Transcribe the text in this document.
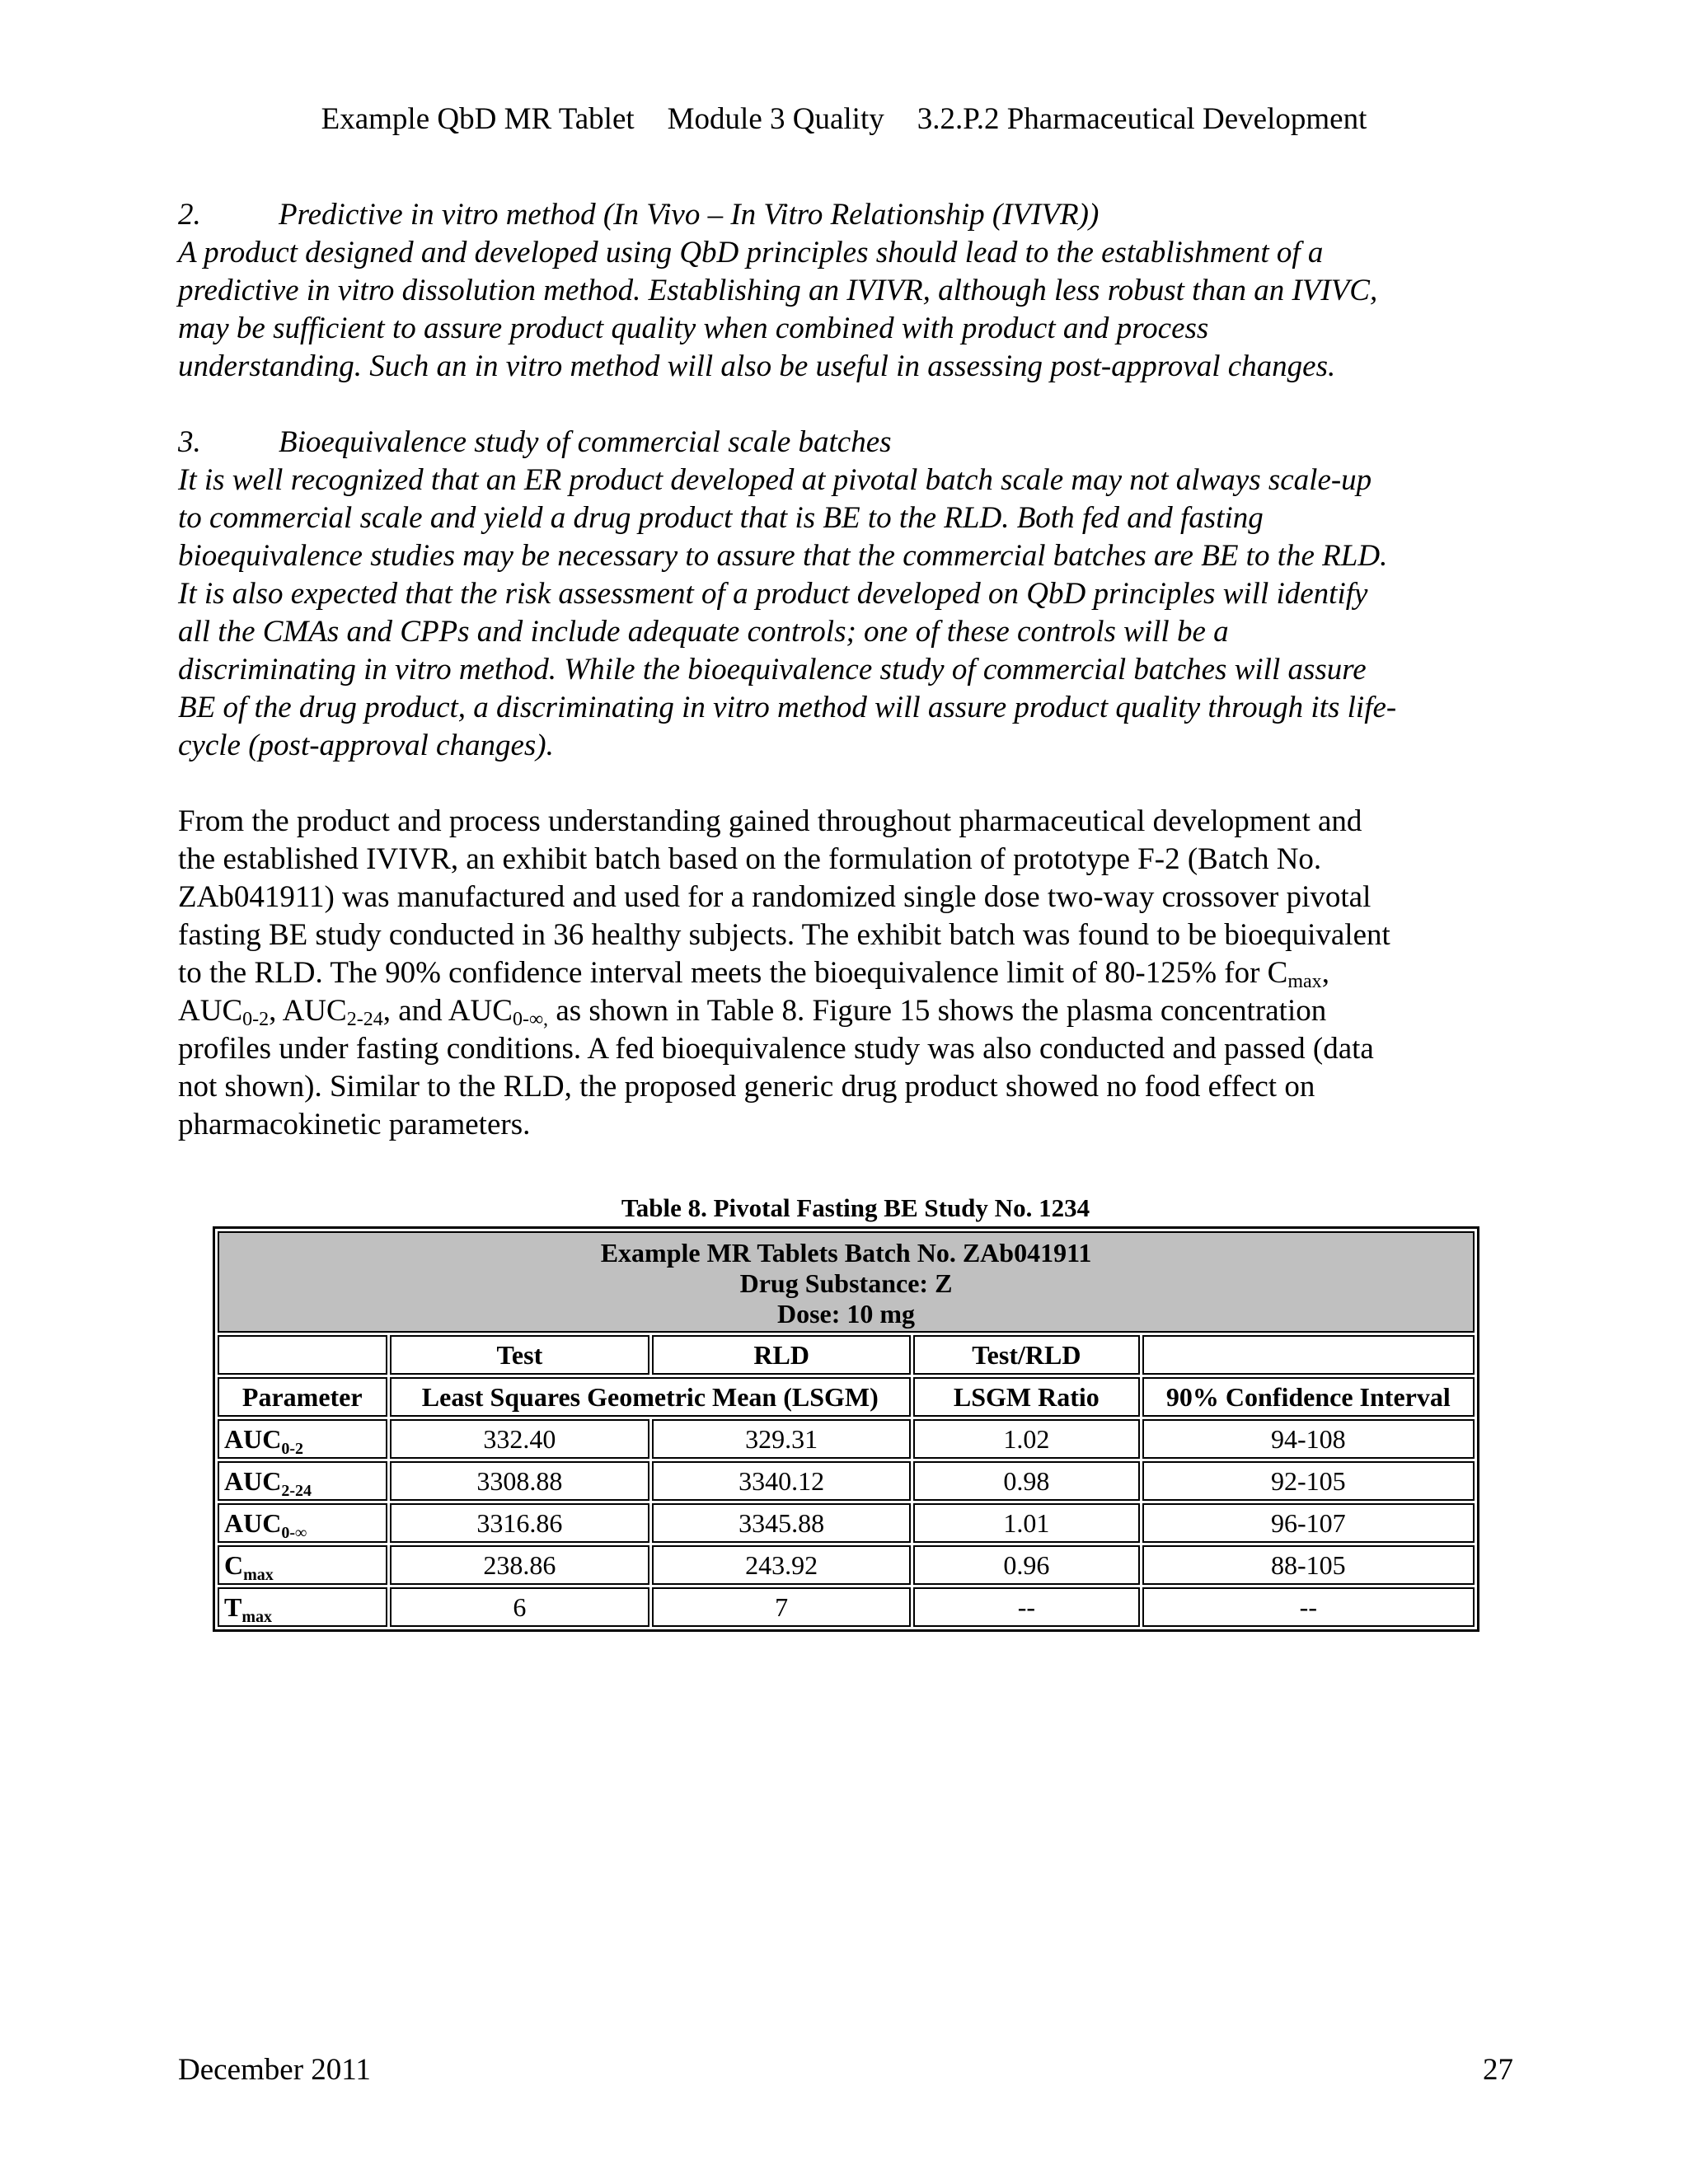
Example QbD MR Tablet Module 3 Quality 3.2.P.2 Pharmaceutical Development

2.	Predictive in vitro method (In Vivo – In Vitro Relationship (IVIVR))

A product designed and developed using QbD principles should lead to the establishment of a

predictive in vitro dissolution method. Establishing an IVIVR, although less robust than an IVIVC,

may be sufficient to assure product quality when combined with product and process

understanding. Such an in vitro method will also be useful in assessing post-approval changes.

3.	Bioequivalence study of commercial scale batches

It is well recognized that an ER product developed at pivotal batch scale may not always scale-up

to commercial scale and yield a drug product that is BE to the RLD. Both fed and fasting

bioequivalence studies may be necessary to assure that the commercial batches are BE to the RLD.

It is also expected that the risk assessment of a product developed on QbD principles will identify

all the CMAs and CPPs and include adequate controls; one of these controls will be a

discriminating in vitro method. While the bioequivalence study of commercial batches will assure

BE of the drug product, a discriminating in vitro method will assure product quality through its life-

cycle (post-approval changes).

From the product and process understanding gained throughout pharmaceutical development and

the established IVIVR, an exhibit batch based on the formulation of prototype F-2 (Batch No.

ZAb041911) was manufactured and used for a randomized single dose two-way crossover pivotal

fasting BE study conducted in 36 healthy subjects. The exhibit batch was found to be bioequivalent

to the RLD. The 90% confidence interval meets the bioequivalence limit of 80-125% for $C_{max}$,

$AUC_{0-2}$, $AUC_{2-24}$, and $AUC_{0-\infty,}$ as shown in Table 8. Figure 15 shows the plasma concentration

profiles under fasting conditions. A fed bioequivalence study was also conducted and passed (data

not shown). Similar to the RLD, the proposed generic drug product showed no food effect on

pharmacokinetic parameters.

Table 8. Pivotal Fasting BE Study No. 1234
Example MR Tablets Batch No. ZAb041911
Drug Substance: Z
Dose: 10 mg				

	Test	RLD	Test/RLD	
Parameter	Least Squares Geometric Mean (LSGM)		LSGM Ratio	90% Confidence Interval
$AUC_{0-2}$	332.40	329.31	1.02	94-108
$AUC_{2-24}$	3308.88	3340.12	0.98	92-105
$AUC_{0-\infty}$	3316.86	3345.88	1.01	96-107
$C_{max}$	238.86	243.92	0.96	88-105
$T_{max}$	6	7	--	--
December 2011	27
